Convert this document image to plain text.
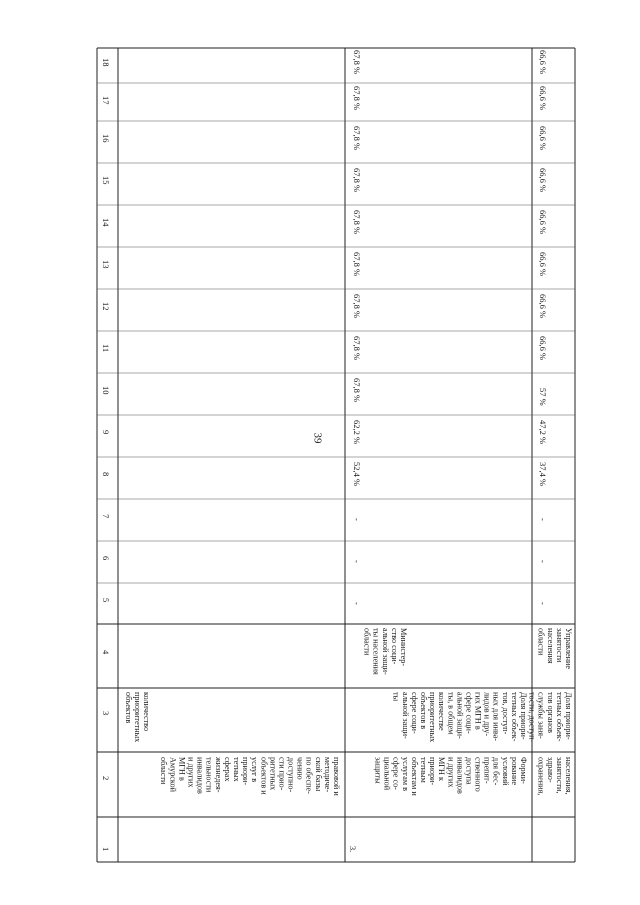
39
1
2
3
4
5
6
7
8
9
10
11
12
13
14
15
16
17
18
правовой и
методиче-
ской базы
по обеспе-
чению
доступно-
сти прио-
ритетных
объектов и
услуг в
приори-
тетных
сферах
жизнедея-
тельности
инвалидов
и других
МГН в
Амурской
области
количество
приоритетных
объектов
3.
Форми-
рование
условий
для бес-
препят-
ственного
доступа
инвалидов
и других
МГН к
приори-
тетным
объектам и
услугам в
сфере со-
циальной
защиты
Доля приори-
тетных объек-
тов, доступ-
ных для инва-
лидов и дру-
гих МГН в
сфере соци-
альной защи-
ты, в общем
количестве
приоритетных
объектов в
сфере соци-
альной защи-
ты
Министер-
ство соци-
альной защи-
ты населения
области
-
-
-
52,4 %
62,2 %
67,8 %
67,8 %
67,8 %
67,8 %
67,8 %
67,8 %
67,8 %
67,8 %
67,8 %
населения,
занятости,
здраво-
охранения,
Доля приори-
тетных объек-
тов органов
службы заня-
тости, доступ-
Управление
занятости
населения
области
-
-
-
37,4 %
47,2 %
57 %
66,6 %
66,6 %
66,6 %
66,6 %
66,6 %
66,6 %
66,6 %
66,6 %
